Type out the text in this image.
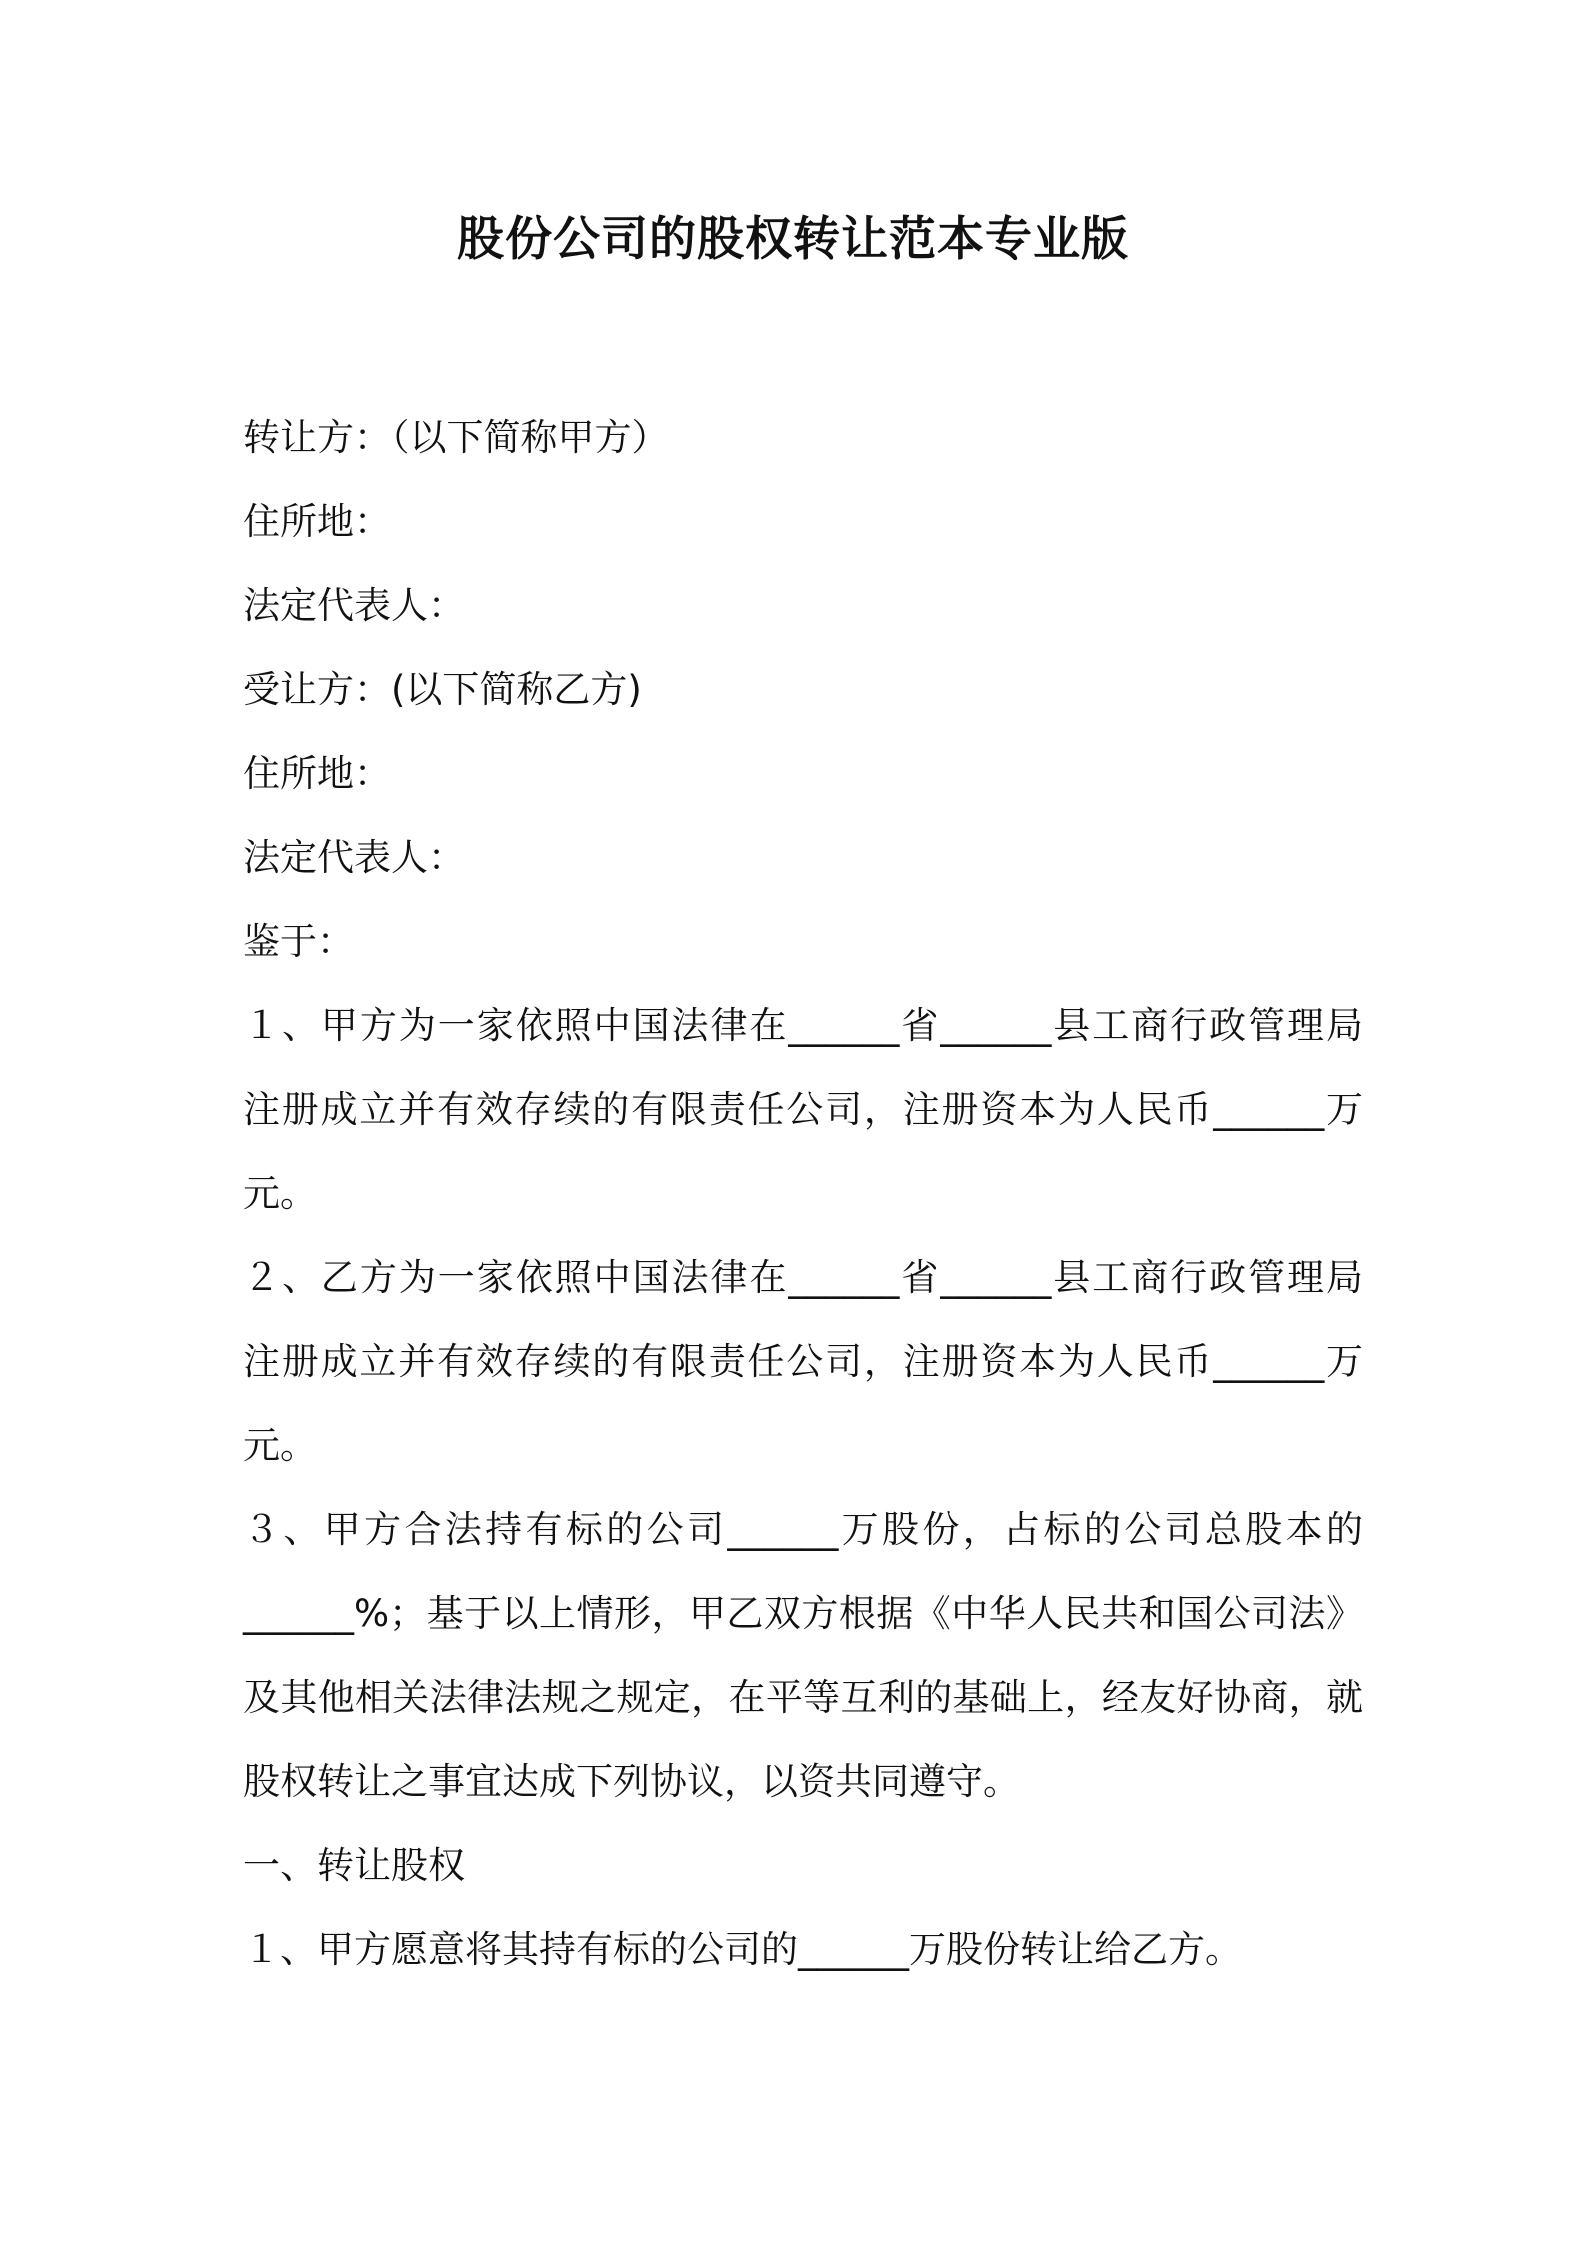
股份公司的股权转让范本专业版
转让方：（以下简称甲方）
住所地：
法定代表人：
受让方：(以下简称乙方)
住所地：
法定代表人：
鉴于：
１、甲方为一家依照中国法律在______省______县工商行政管理局
注册成立并有效存续的有限责任公司，注册资本为人民币______万
元。
２、乙方为一家依照中国法律在______省______县工商行政管理局
注册成立并有效存续的有限责任公司，注册资本为人民币______万
元。
３、甲方合法持有标的公司______万股份，占标的公司总股本的
______%；基于以上情形，甲乙双方根据《中华人民共和国公司法》
及其他相关法律法规之规定，在平等互利的基础上，经友好协商，就
股权转让之事宜达成下列协议，以资共同遵守。
一、转让股权
１、甲方愿意将其持有标的公司的______万股份转让给乙方。
